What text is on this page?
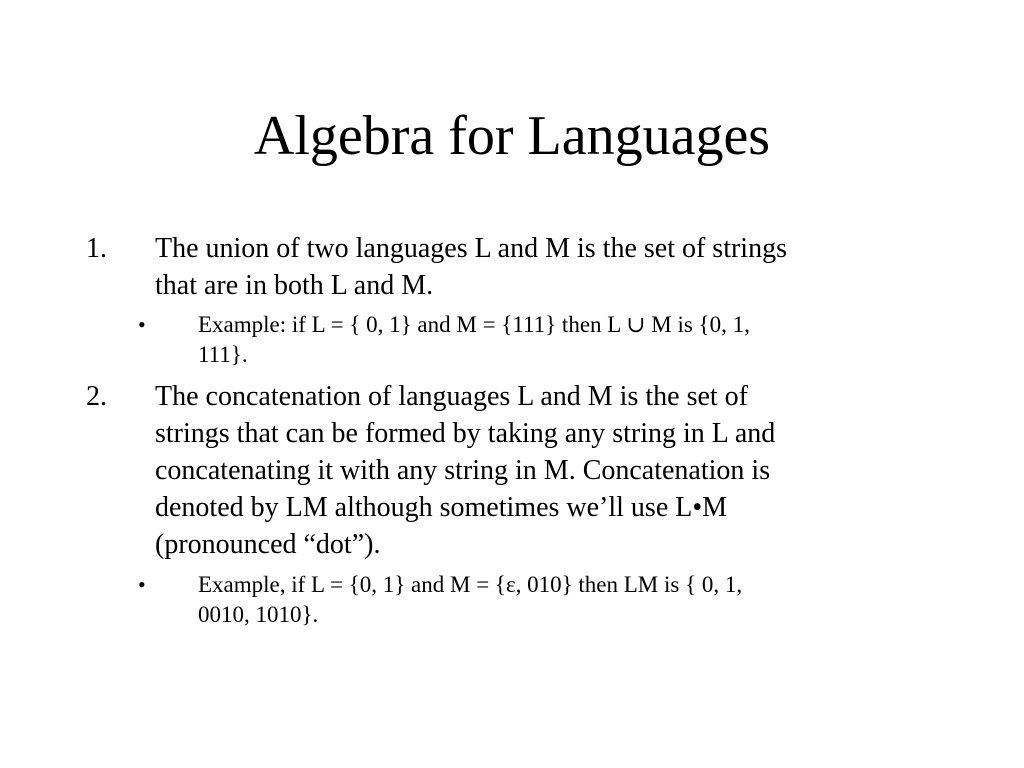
Algebra for Languages
1. The union of two languages L and M is the set of strings
that are in both L and M.
• Example: if L = { 0, 1} and M = {111} then L ∪ M is {0, 1,
111}.
2. The concatenation of languages L and M is the set of
strings that can be formed by taking any string in L and
concatenating it with any string in M. Concatenation is
denoted by LM although sometimes we’ll use L•M
(pronounced “dot”).
• Example, if L = {0, 1} and M = {ε, 010} then LM is { 0, 1,
0010, 1010}.
